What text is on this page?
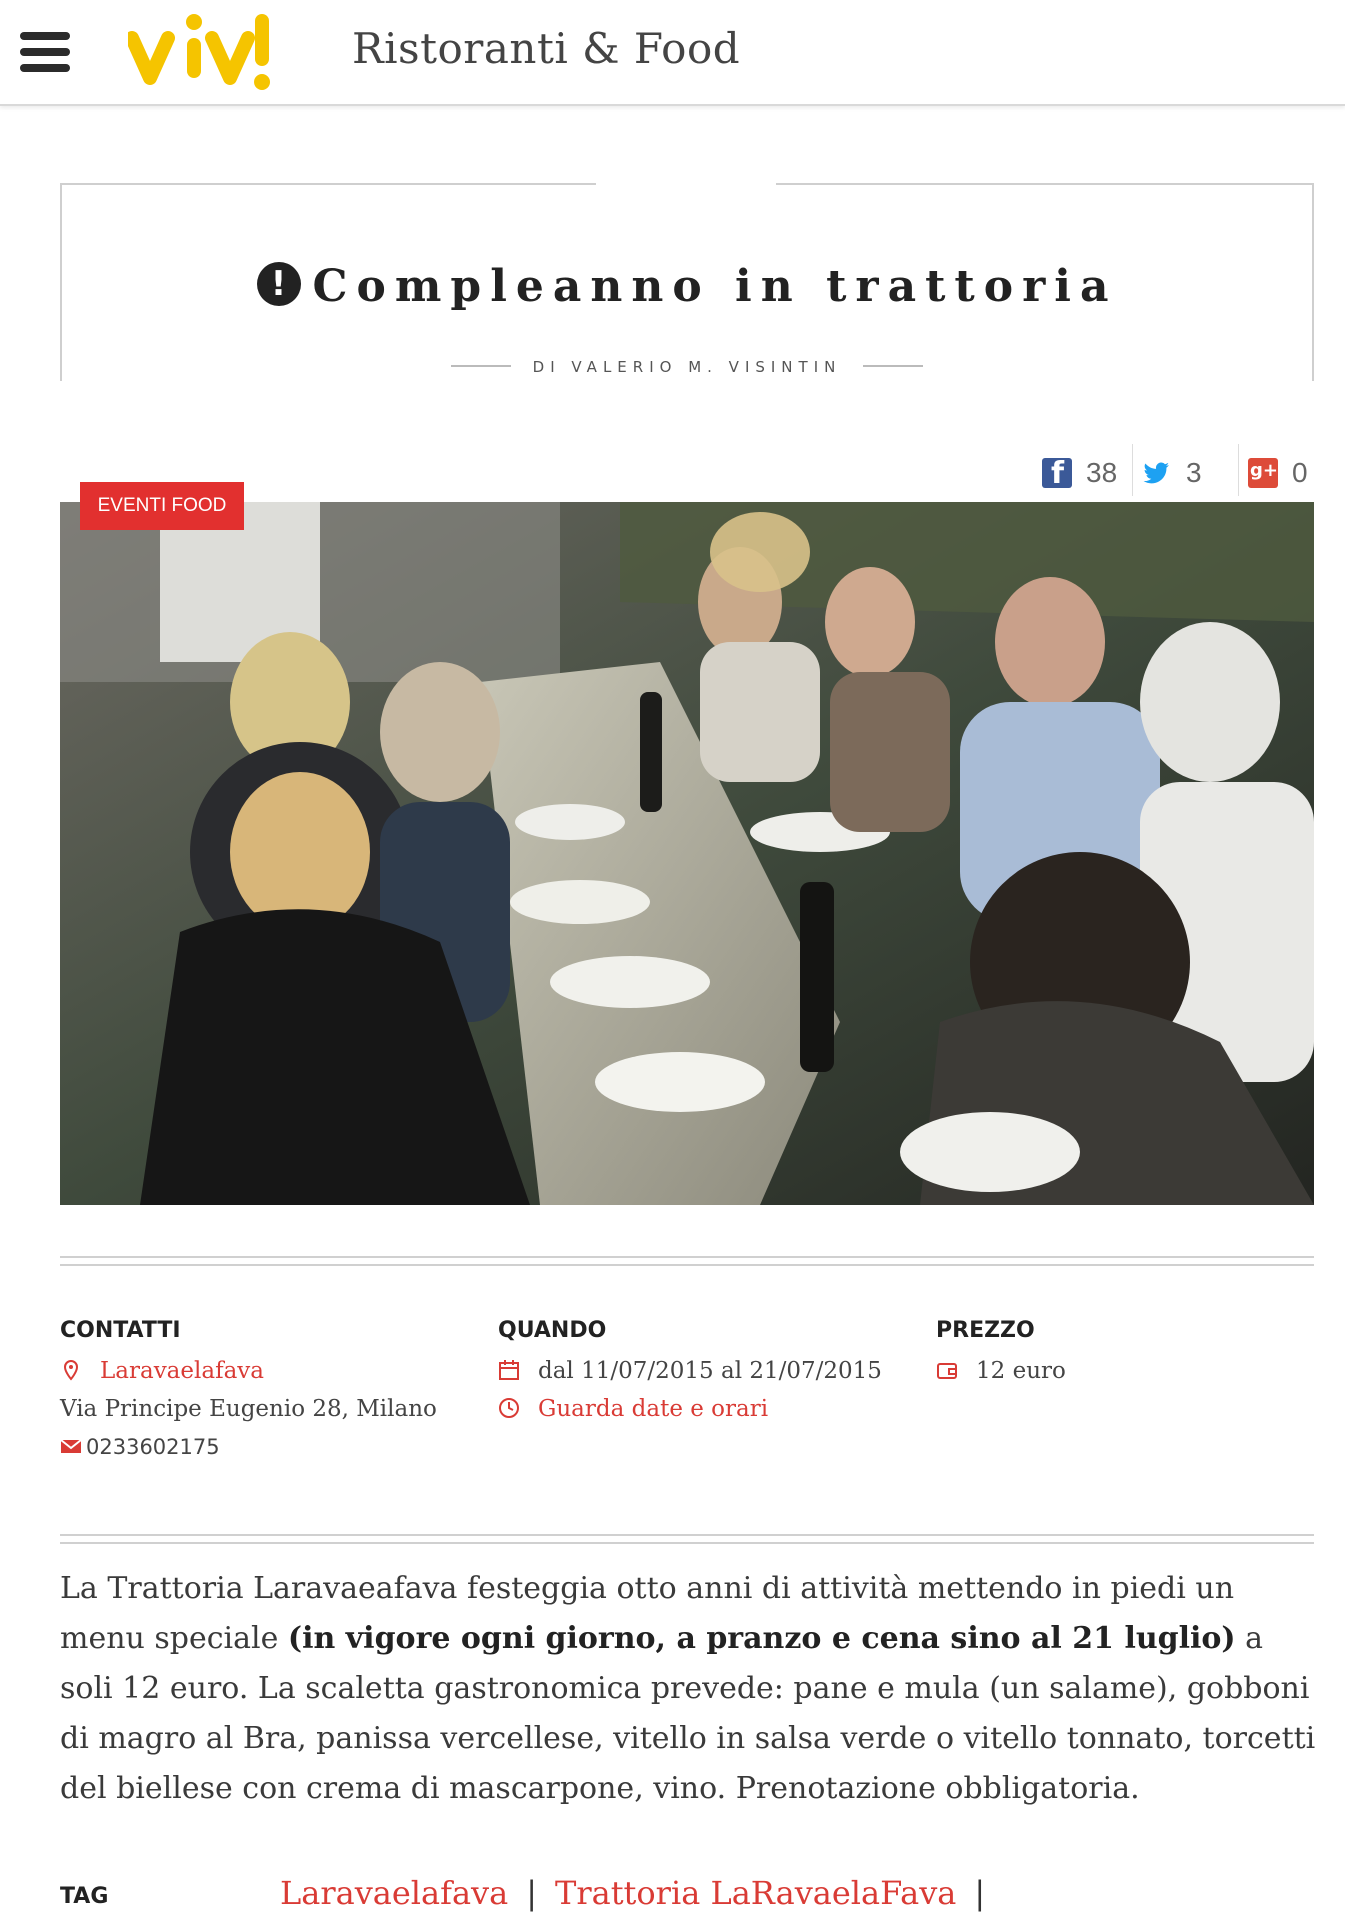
Ristoranti & Food
! Compleanno in trattoria
DI VALERIO M. VISINTIN
f
38 3
g+	0
EVENTI FOOD
CONTATTI
Laravaelafava
Via Principe Eugenio 28, Milano
0233602175
QUANDO
dal 11/07/2015 al 21/07/2015
Guarda date e orari
PREZZO
12 euro
La Trattoria Laravaeafava festeggia otto anni di attività mettendo in piedi un menu speciale (in vigore ogni giorno, a pranzo e cena sino al 21 luglio) a soli 12 euro. La scaletta gastronomica prevede: pane e mula (un salame), gobboni di magro al Bra, panissa vercellese, vitello in salsa verde o vitello tonnato, torcetti del biellese con crema di mascarpone, vino. Prenotazione obbligatoria.
TAG	Laravaelafava | Trattoria LaRavaelaFava |
